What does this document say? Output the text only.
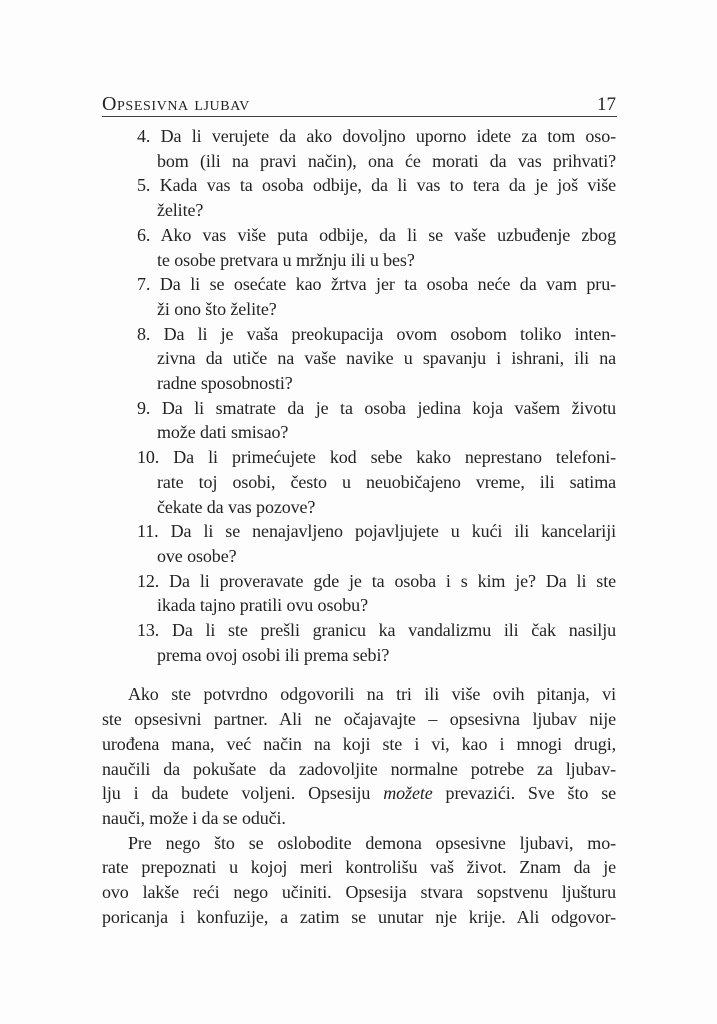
Opsesivna ljubav	17
4. Da li verujete da ako dovoljno uporno idete za tom oso-
bom (ili na pravi način), ona će morati da vas prihvati?
5. Kada vas ta osoba odbije, da li vas to tera da je još više
želite?
6. Ako vas više puta odbije, da li se vaše uzbuđenje zbog
te osobe pretvara u mržnju ili u bes?
7. Da li se osećate kao žrtva jer ta osoba neće da vam pru-
ži ono što želite?
8. Da li je vaša preokupacija ovom osobom toliko inten-
zivna da utiče na vaše navike u spavanju i ishrani, ili na
radne sposobnosti?
9. Da li smatrate da je ta osoba jedina koja vašem životu
može dati smisao?
10. Da li primećujete kod sebe kako neprestano telefoni-
rate toj osobi, često u neuobičajeno vreme, ili satima
čekate da vas pozove?
11. Da li se nenajavljeno pojavljujete u kući ili kancelariji
ove osobe?
12. Da li proveravate gde je ta osoba i s kim je? Da li ste
ikada tajno pratili ovu osobu?
13. Da li ste prešli granicu ka vandalizmu ili čak nasilju
prema ovoj osobi ili prema sebi?
Ako ste potvrdno odgovorili na tri ili više ovih pitanja, vi
ste opsesivni partner. Ali ne očajavajte – opsesivna ljubav nije
urođena mana, već način na koji ste i vi, kao i mnogi drugi,
naučili da pokušate da zadovoljite normalne potrebe za ljubav-
lju i da budete voljeni. Opsesiju možete prevazići. Sve što se
nauči, može i da se oduči.
Pre nego što se oslobodite demona opsesivne ljubavi, mo-
rate prepoznati u kojoj meri kontrolišu vaš život. Znam da je
ovo lakše reći nego učiniti. Opsesija stvara sopstvenu ljušturu
poricanja i konfuzije, a zatim se unutar nje krije. Ali odgovor-
